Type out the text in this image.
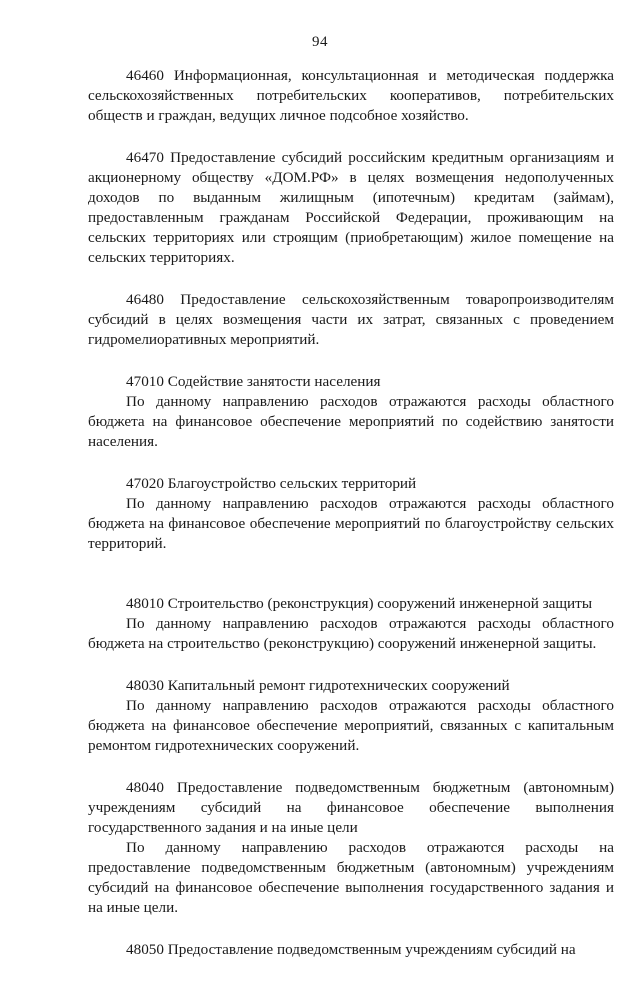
94

46460 Информационная, консультационная и методическая поддержка сельскохозяйственных потребительских кооперативов, потребительских обществ и граждан, ведущих личное подсобное хозяйство.

46470 Предоставление субсидий российским кредитным организациям и акционерному обществу «ДОМ.РФ» в целях возмещения недополученных доходов по выданным жилищным (ипотечным) кредитам (займам), предоставленным гражданам Российской Федерации, проживающим на сельских территориях или строящим (приобретающим) жилое помещение на сельских территориях.

46480 Предоставление сельскохозяйственным товаропроизводителям субсидий в целях возмещения части их затрат, связанных с проведением гидромелиоративных мероприятий.

47010 Содействие занятости населения

По данному направлению расходов отражаются расходы областного бюджета на финансовое обеспечение мероприятий по содействию занятости населения.

47020 Благоустройство сельских территорий

По данному направлению расходов отражаются расходы областного бюджета на финансовое обеспечение мероприятий по благоустройству сельских территорий.

48010 Строительство (реконструкция) сооружений инженерной защиты

По данному направлению расходов отражаются расходы областного бюджета на строительство (реконструкцию) сооружений инженерной защиты.

48030 Капитальный ремонт гидротехнических сооружений

По данному направлению расходов отражаются расходы областного бюджета на финансовое обеспечение мероприятий, связанных с капитальным ремонтом гидротехнических сооружений.

48040 Предоставление подведомственным бюджетным (автономным) учреждениям субсидий на финансовое обеспечение выполнения государственного задания и на иные цели

По данному направлению расходов отражаются расходы на предоставление подведомственным бюджетным (автономным) учреждениям субсидий на финансовое обеспечение выполнения государственного задания и на иные цели.

48050 Предоставление подведомственным учреждениям субсидий на
